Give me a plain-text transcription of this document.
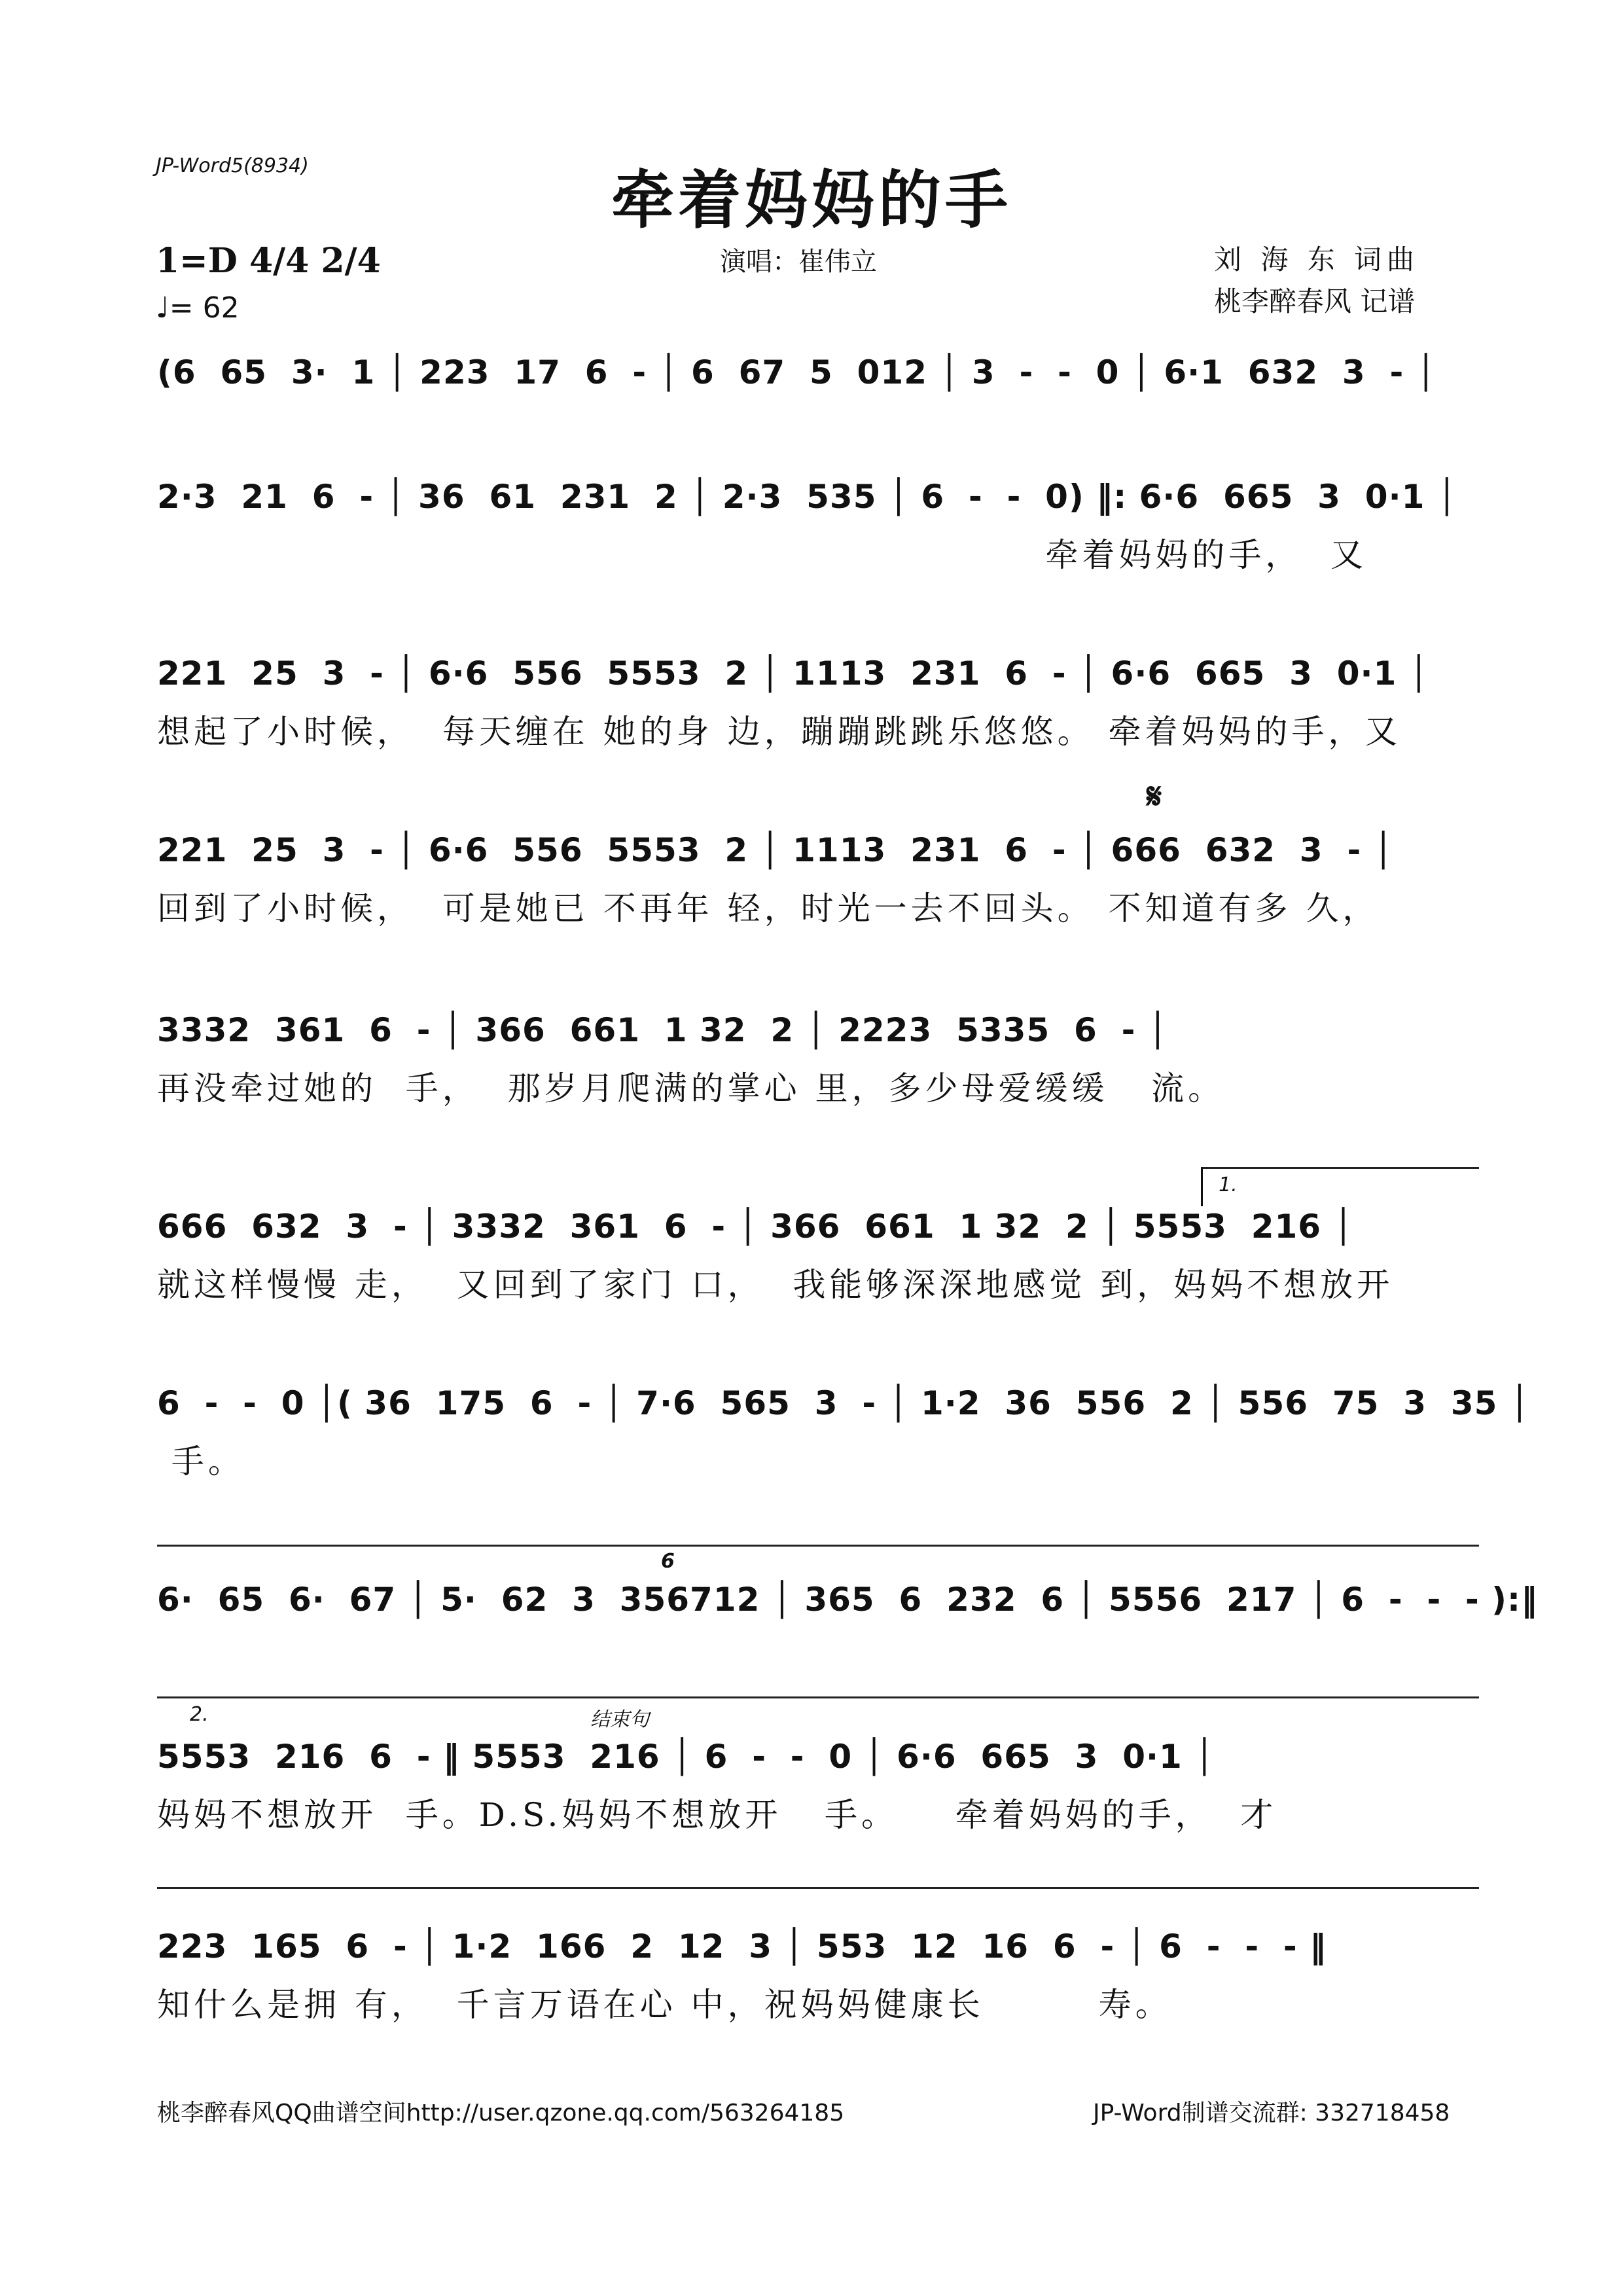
JP-Word5(8934)	牵着妈妈的手
1=D 4/4 2/4
♩= 62
演唱：崔伟立	刘 海 东 词曲
桃李醉春风 记谱
𝄋
1.
2.	结束句
6
(6  65  3·  1 │ 223  17  6  - │ 6  67  5  012 │ 3  -  -  0 │ 6·1  632  3  - │
2·3  21  6  - │ 36  61  231  2 │ 2·3  535 │ 6  -  -  0) ‖: 6·6  665  3  0·1 │
牵着妈妈的手，  又
221  25  3  - │ 6·6  556  5553  2 │ 1113  231  6  - │ 6·6  665  3  0·1 │
想起了小时候，  每天缠在 她的身 边，蹦蹦跳跳乐悠悠。 牵着妈妈的手，又
221  25  3  - │ 6·6  556  5553  2 │ 1113  231  6  - │ 666  632  3  - │
回到了小时候，  可是她已 不再年 轻，时光一去不回头。 不知道有多 久，
3332  361  6  - │ 366  661  1 32  2 │ 2223  5335  6  - │
再没牵过她的  手，  那岁月爬满的掌心 里，多少母爱缓缓   流。
666  632  3  - │ 3332  361  6  - │ 366  661  1 32  2 │ 5553  216 │
就这样慢慢 走，  又回到了家门 口，  我能够深深地感觉 到，妈妈不想放开
6  -  -  0 │( 36  175  6  - │ 7·6  565  3  - │ 1·2  36  556  2 │ 556  75  3  35 │
手。
6·  65  6·  67 │ 5·  62  3  356712 │ 365  6  232  6 │ 5556  217 │ 6  -  -  - ):‖
5553  216  6  - ‖ 5553  216 │ 6  -  -  0 │ 6·6  665  3  0·1 │
妈妈不想放开  手。D.S.妈妈不想放开   手。    牵着妈妈的手，  才
223  165  6  - │ 1·2  166  2  12  3 │ 553  12  16  6  - │ 6  -  -  - ‖
知什么是拥 有，  千言万语在心 中，祝妈妈健康长        寿。
桃李醉春风QQ曲谱空间http://user.qzone.qq.com/563264185	JP-Word制谱交流群: 332718458
